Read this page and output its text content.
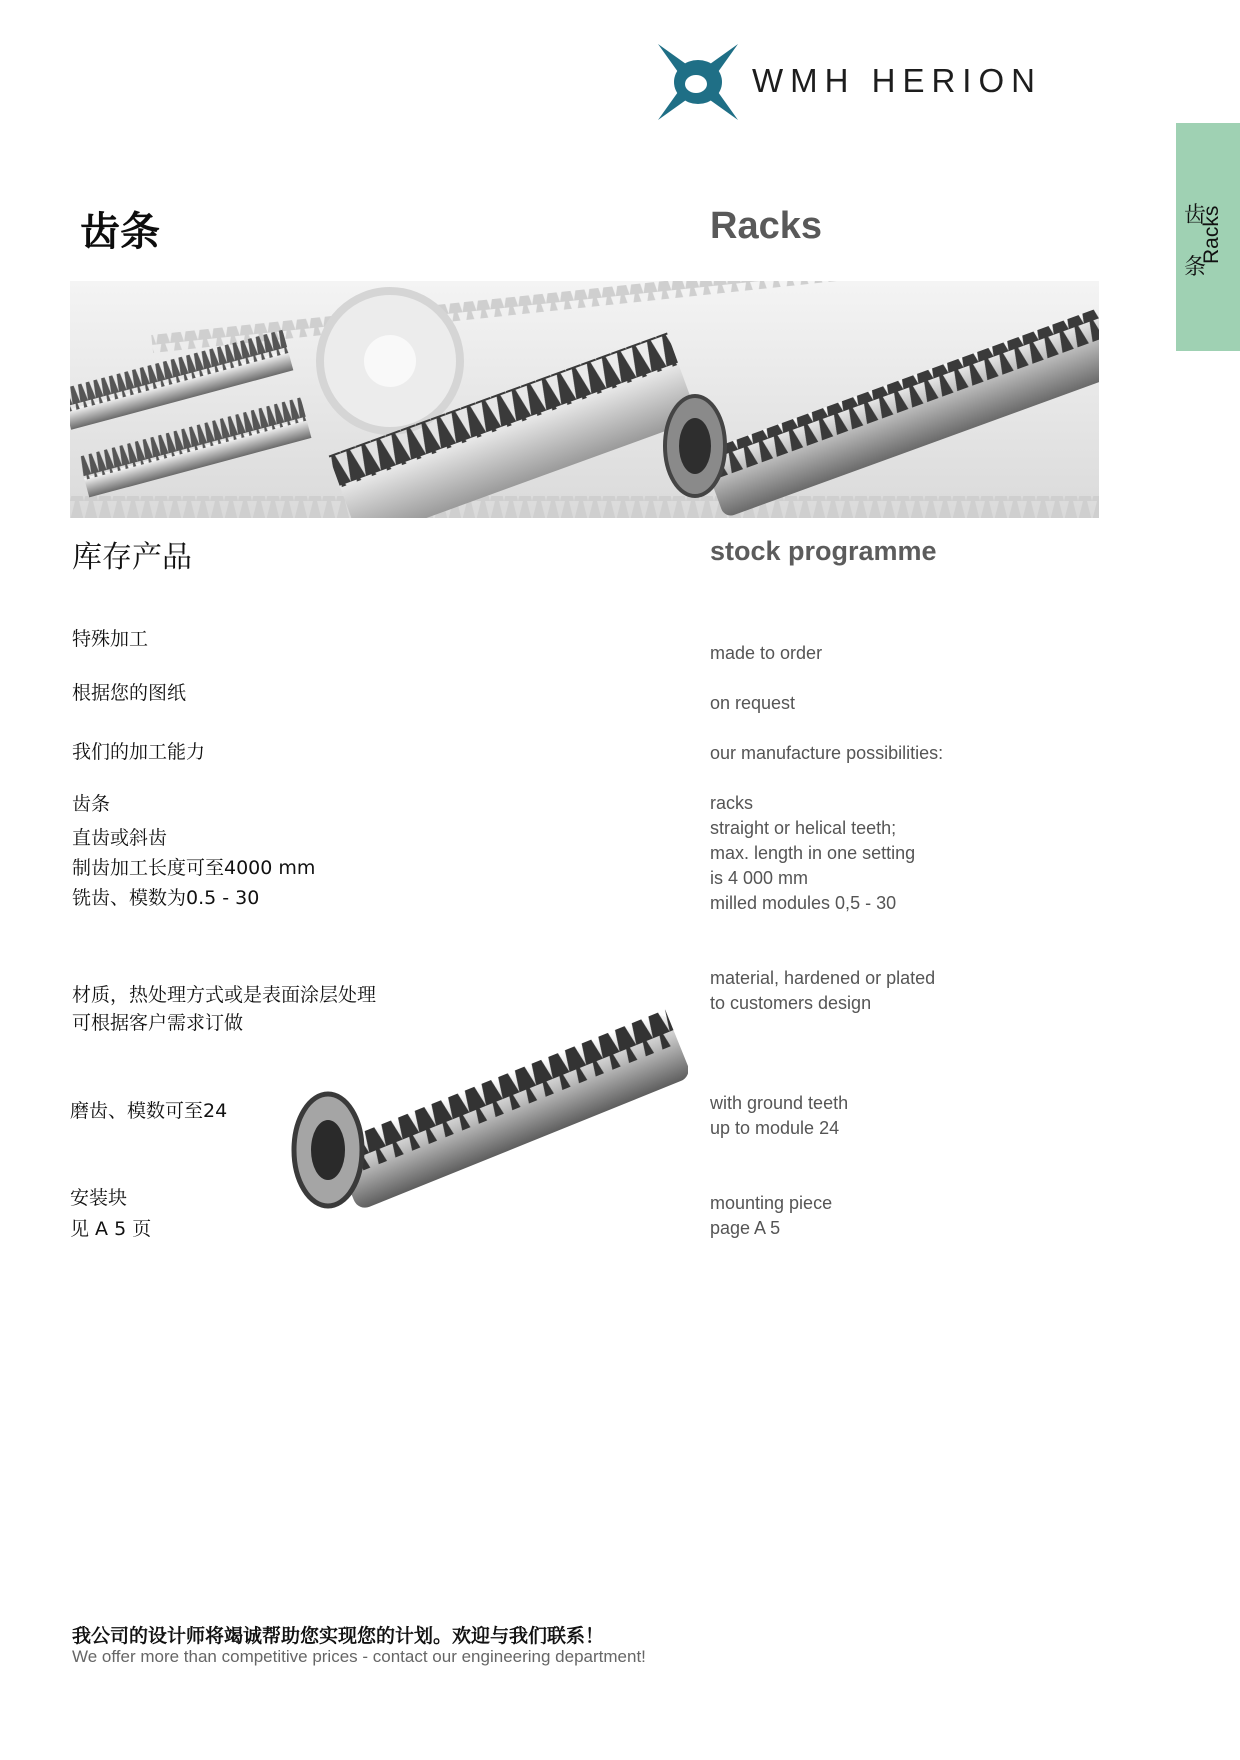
WMH HERION
齿条
Racks
齿条	Racks
库存产品	stock programme
特殊加工
根据您的图纸
我们的加工能力
齿条
直齿或斜齿
制齿加工长度可至4000 mm
铣齿、模数为0.5 - 30
材质，热处理方式或是表面涂层处理
可根据客户需求订做
磨齿、模数可至24
安装块
见 A 5 页
made to order
on request
our manufacture possibilities:
racks
straight or helical teeth;
max. length in one setting
is 4 000 mm
milled modules 0,5 - 30
material, hardened or plated
to customers design
with ground teeth
up to module 24
mounting piece
page A 5
我公司的设计师将竭诚帮助您实现您的计划。欢迎与我们联系！
We offer more than competitive prices - contact our engineering department!
